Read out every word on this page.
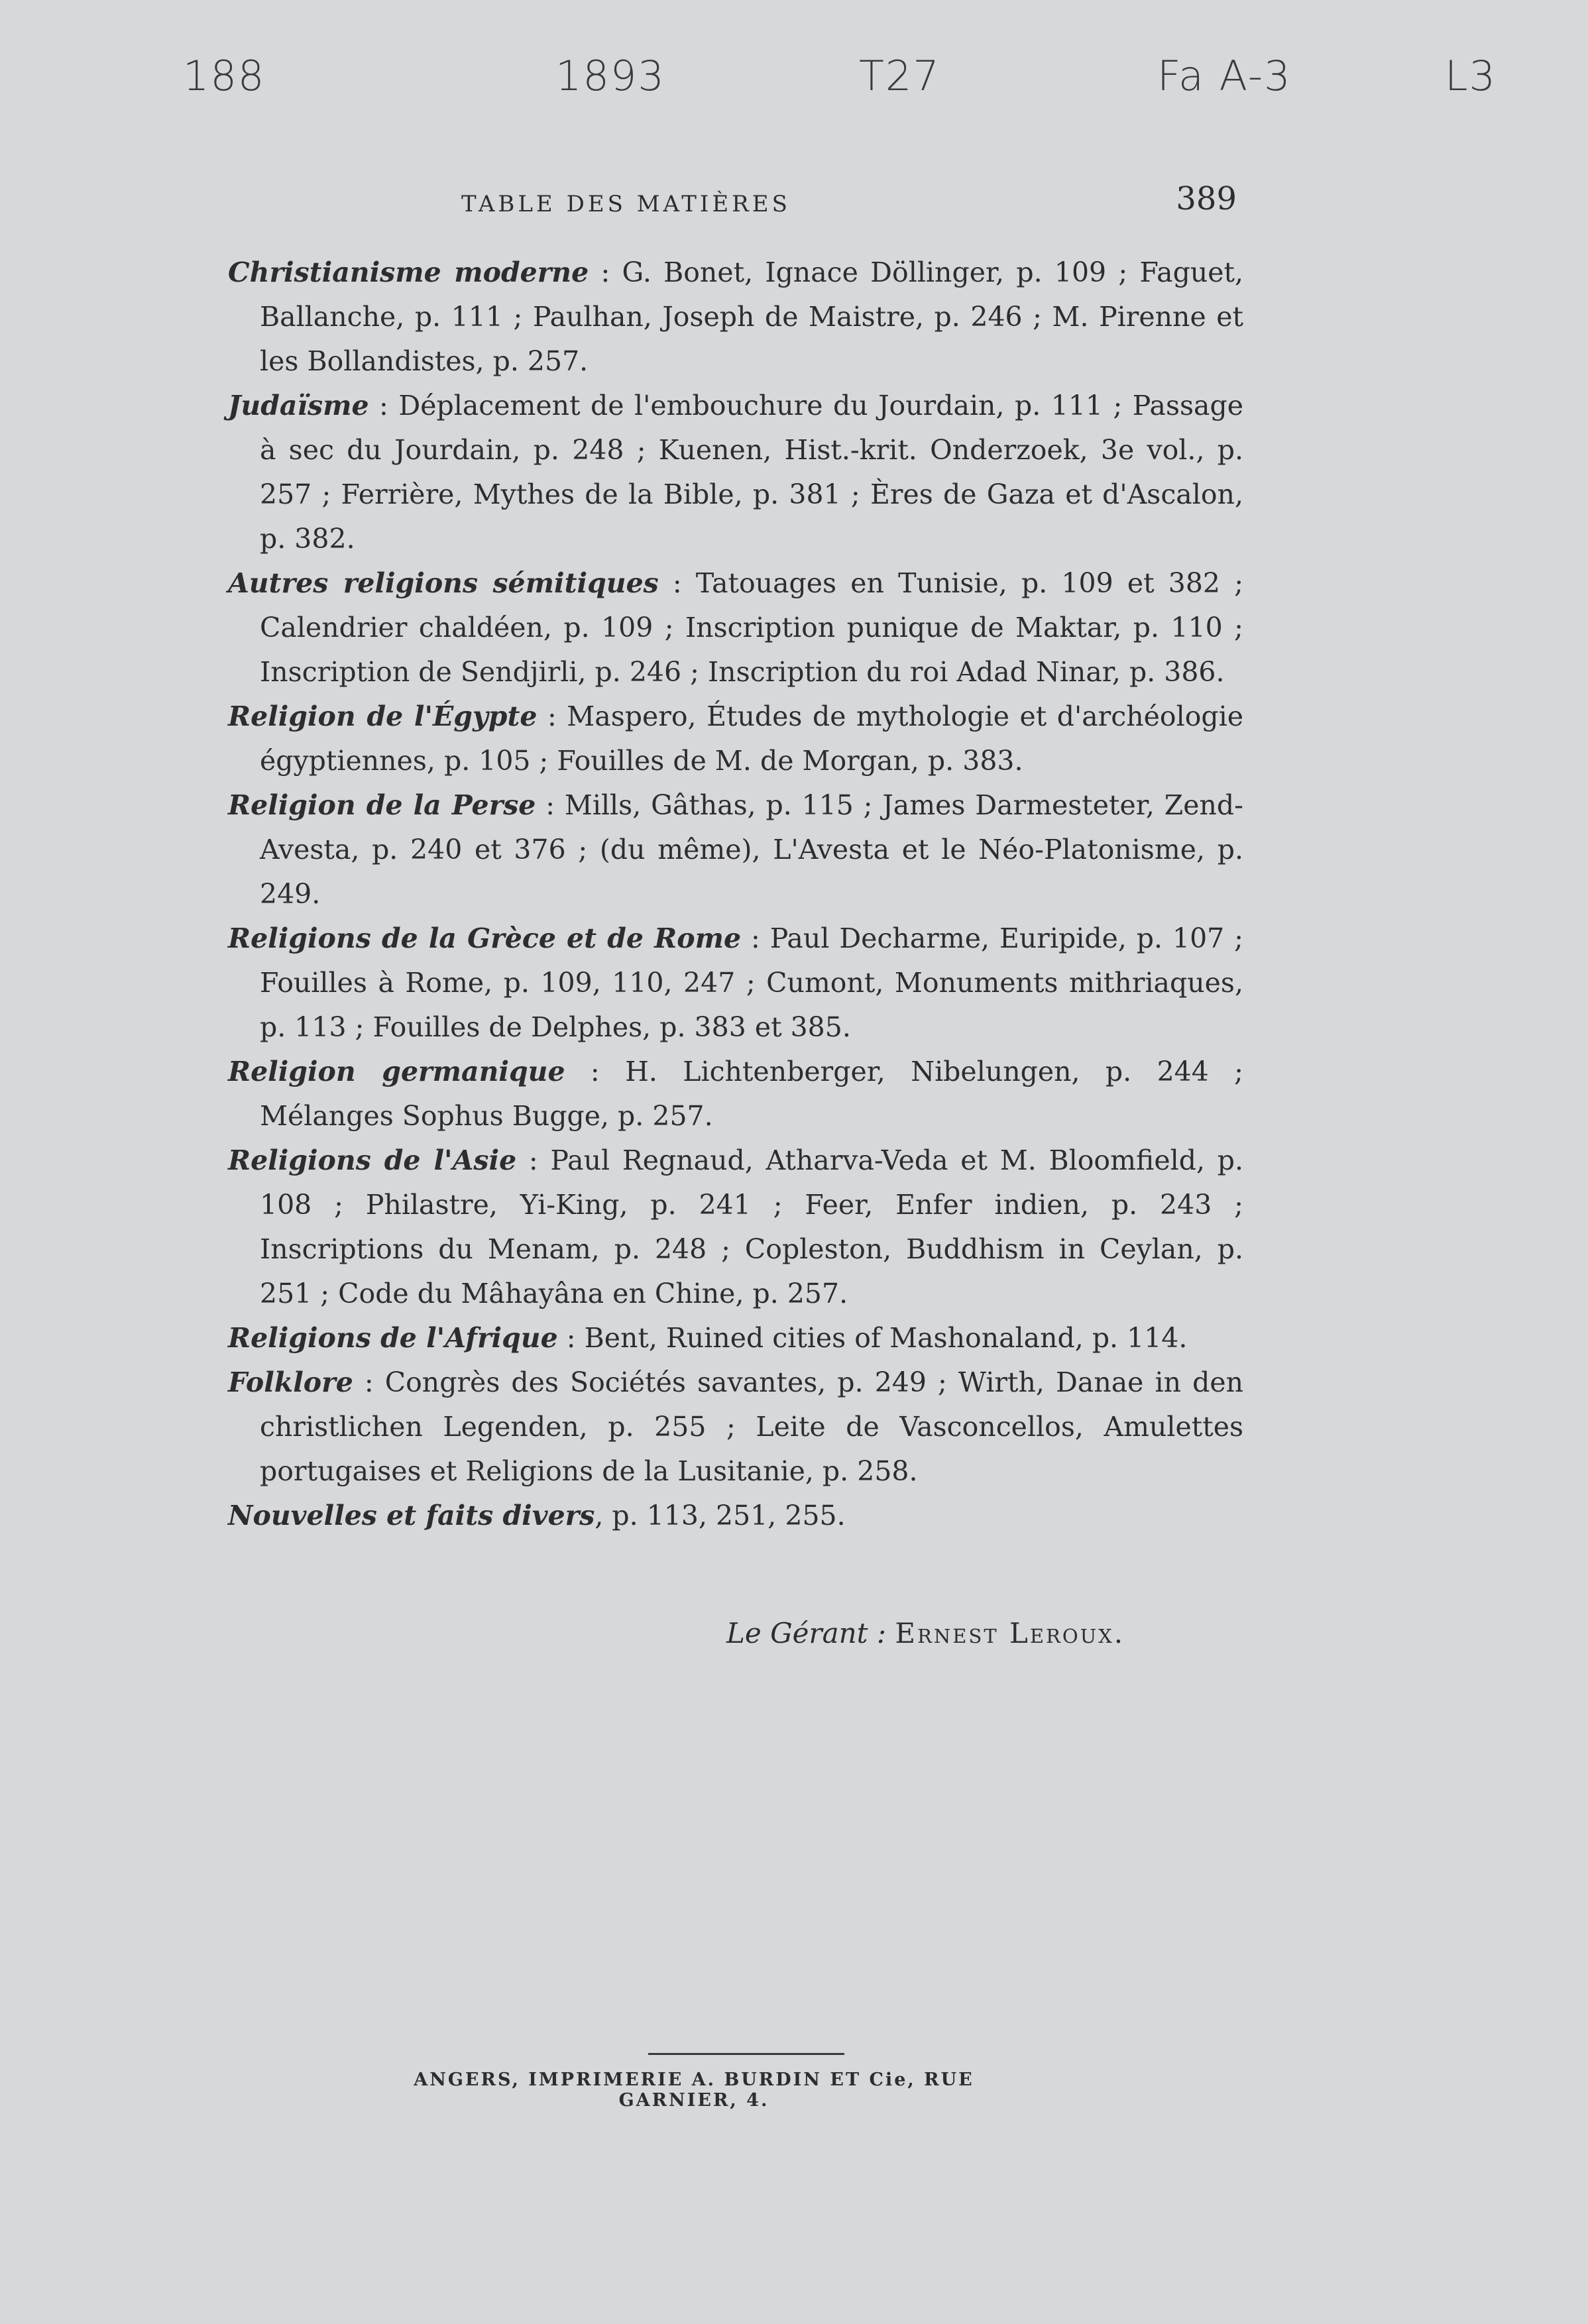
188	1893	T27	Fa A-3	L3
TABLE DES MATIÈRES	389

Christianisme moderne : G. Bonet, Ignace Döllinger, p. 109 ; Faguet, Ballanche, p. 111 ; Paulhan, Joseph de Maistre, p. 246 ; M. Pirenne et les Bollandistes, p. 257.

Judaïsme : Déplacement de l'embouchure du Jourdain, p. 111 ; Passage à sec du Jourdain, p. 248 ; Kuenen, Hist.-krit. Onderzoek, 3e vol., p. 257 ; Ferrière, Mythes de la Bible, p. 381 ; Ères de Gaza et d'Ascalon, p. 382.

Autres religions sémitiques : Tatouages en Tunisie, p. 109 et 382 ; Calendrier chaldéen, p. 109 ; Inscription punique de Maktar, p. 110 ; Inscription de Sendjirli, p. 246 ; Inscription du roi Adad Ninar, p. 386.

Religion de l'Égypte : Maspero, Études de mythologie et d'archéologie égyptiennes, p. 105 ; Fouilles de M. de Morgan, p. 383.

Religion de la Perse : Mills, Gâthas, p. 115 ; James Darmesteter, Zend-Avesta, p. 240 et 376 ; (du même), L'Avesta et le Néo-Platonisme, p. 249.

Religions de la Grèce et de Rome : Paul Decharme, Euripide, p. 107 ; Fouilles à Rome, p. 109, 110, 247 ; Cumont, Monuments mithriaques, p. 113 ; Fouilles de Delphes, p. 383 et 385.

Religion germanique : H. Lichtenberger, Nibelungen, p. 244 ; Mélanges Sophus Bugge, p. 257.

Religions de l'Asie : Paul Regnaud, Atharva-Veda et M. Bloomfield, p. 108 ; Philastre, Yi-King, p. 241 ; Feer, Enfer indien, p. 243 ; Inscriptions du Menam, p. 248 ; Copleston, Buddhism in Ceylan, p. 251 ; Code du Mâhayâna en Chine, p. 257.

Religions de l'Afrique : Bent, Ruined cities of Mashonaland, p. 114.

Folklore : Congrès des Sociétés savantes, p. 249 ; Wirth, Danae in den christlichen Legenden, p. 255 ; Leite de Vasconcellos, Amulettes portugaises et Religions de la Lusitanie, p. 258.

Nouvelles et faits divers, p. 113, 251, 255.

Le Gérant : Ernest Leroux.
ANGERS, IMPRIMERIE A. BURDIN ET Cie, RUE GARNIER, 4.
